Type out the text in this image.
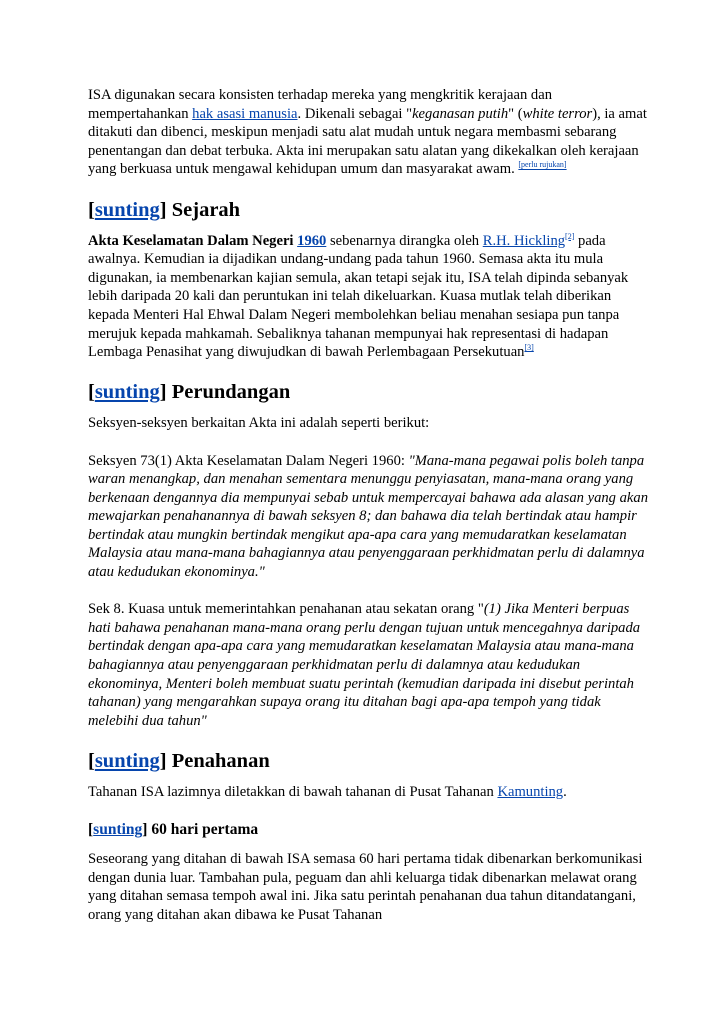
ISA digunakan secara konsisten terhadap mereka yang mengkritik kerajaan dan mempertahankan hak asasi manusia. Dikenali sebagai "keganasan putih" (white terror), ia amat ditakuti dan dibenci, meskipun menjadi satu alat mudah untuk negara membasmi sebarang penentangan dan debat terbuka. Akta ini merupakan satu alatan yang dikekalkan oleh kerajaan yang berkuasa untuk mengawal kehidupan umum dan masyarakat awam. [perlu rujukan]

[sunting] Sejarah

Akta Keselamatan Dalam Negeri 1960 sebenarnya dirangka oleh R.H. Hickling[2] pada awalnya. Kemudian ia dijadikan undang-undang pada tahun 1960. Semasa akta itu mula digunakan, ia membenarkan kajian semula, akan tetapi sejak itu, ISA telah dipinda sebanyak lebih daripada 20 kali dan peruntukan ini telah dikeluarkan. Kuasa mutlak telah diberikan kepada Menteri Hal Ehwal Dalam Negeri membolehkan beliau menahan sesiapa pun tanpa merujuk kepada mahkamah. Sebaliknya tahanan mempunyai hak representasi di hadapan Lembaga Penasihat yang diwujudkan di bawah Perlembagaan Persekutuan[3]

[sunting] Perundangan

Seksyen-seksyen berkaitan Akta ini adalah seperti berikut:

Seksyen 73(1) Akta Keselamatan Dalam Negeri 1960: "Mana-mana pegawai polis boleh tanpa waran menangkap, dan menahan sementara menunggu penyiasatan, mana-mana orang yang berkenaan dengannya dia mempunyai sebab untuk mempercayai bahawa ada alasan yang akan mewajarkan penahanannya di bawah seksyen 8; dan bahawa dia telah bertindak atau hampir bertindak atau mungkin bertindak mengikut apa-apa cara yang memudaratkan keselamatan Malaysia atau mana-mana bahagiannya atau penyenggaraan perkhidmatan perlu di dalamnya atau kedudukan ekonominya."

Sek 8. Kuasa untuk memerintahkan penahanan atau sekatan orang "(1) Jika Menteri berpuas hati bahawa penahanan mana-mana orang perlu dengan tujuan untuk mencegahnya daripada bertindak dengan apa-apa cara yang memudaratkan keselamatan Malaysia atau mana-mana bahagiannya atau penyenggaraan perkhidmatan perlu di dalamnya atau kedudukan ekonominya, Menteri boleh membuat suatu perintah (kemudian daripada ini disebut perintah tahanan) yang mengarahkan supaya orang itu ditahan bagi apa-apa tempoh yang tidak melebihi dua tahun"

[sunting] Penahanan

Tahanan ISA lazimnya diletakkan di bawah tahanan di Pusat Tahanan Kamunting.

[sunting] 60 hari pertama

Seseorang yang ditahan di bawah ISA semasa 60 hari pertama tidak dibenarkan berkomunikasi dengan dunia luar. Tambahan pula, peguam dan ahli keluarga tidak dibenarkan melawat orang yang ditahan semasa tempoh awal ini. Jika satu perintah penahanan dua tahun ditandatangani, orang yang ditahan akan dibawa ke Pusat Tahanan
